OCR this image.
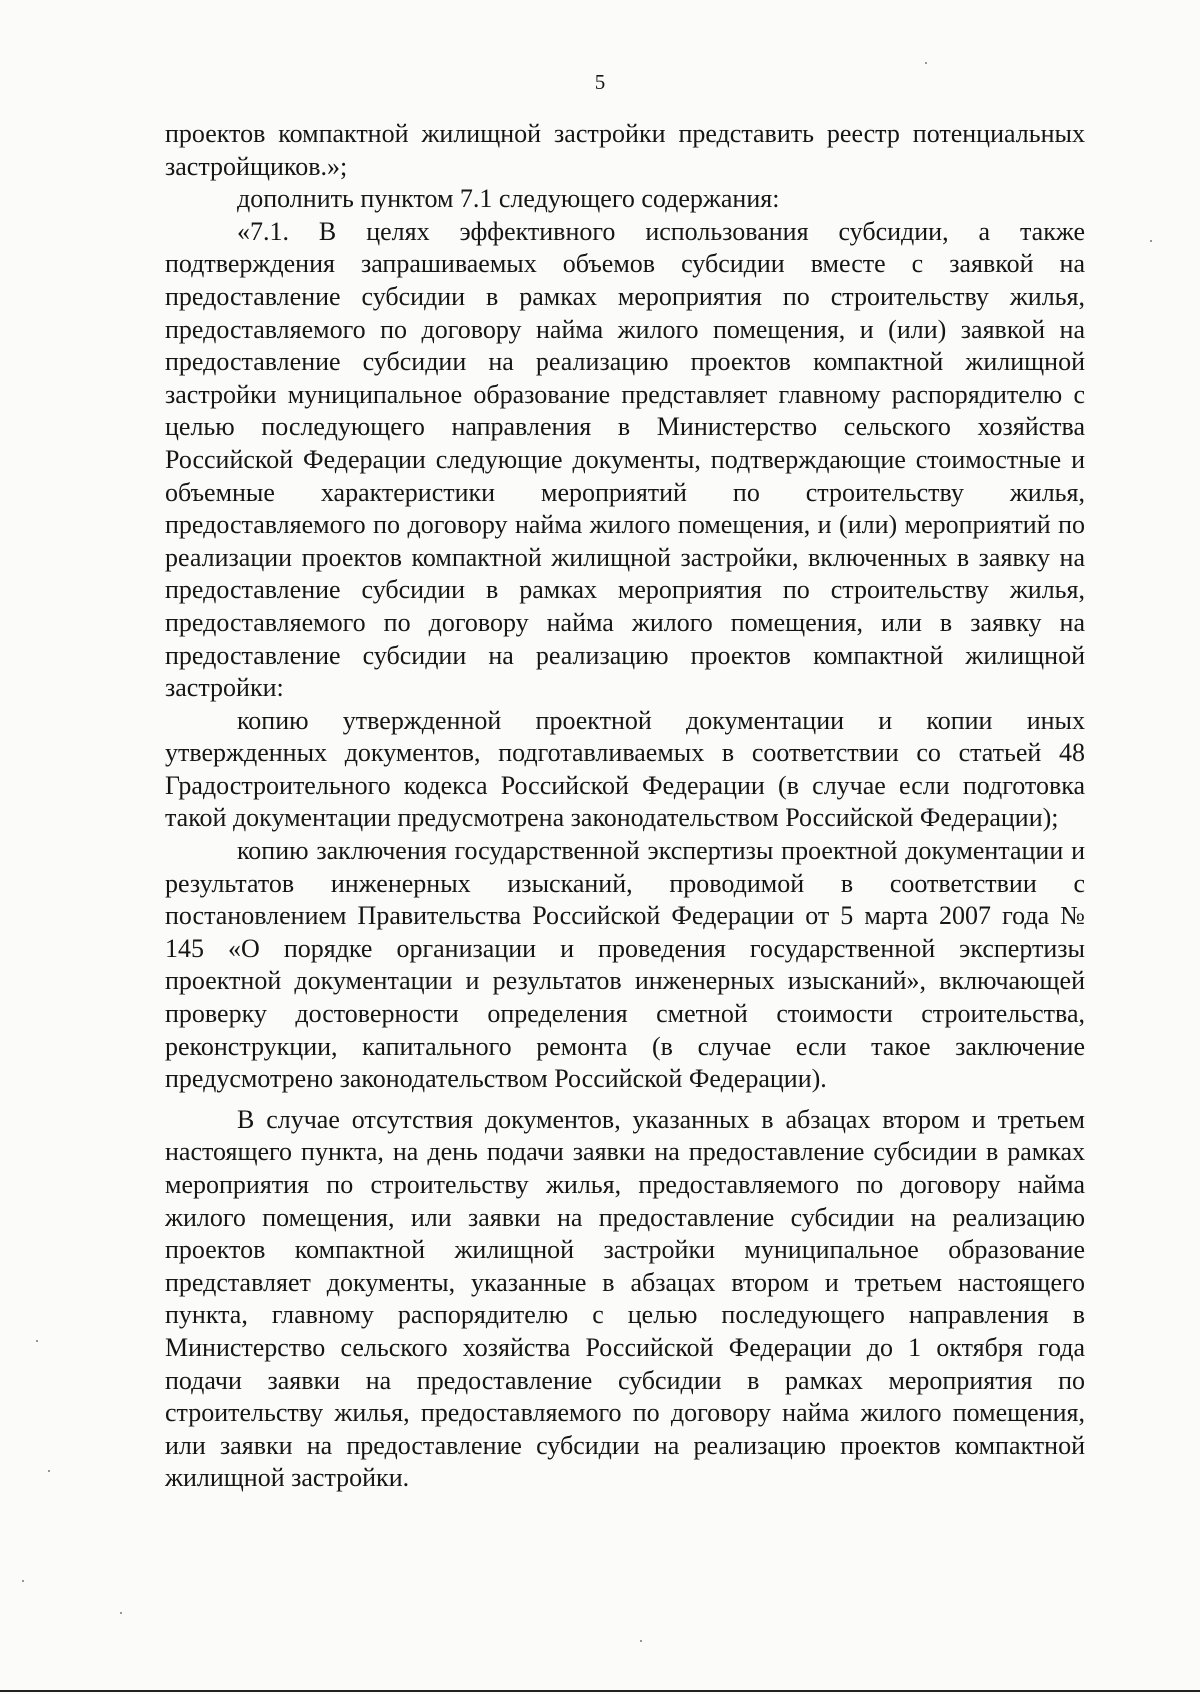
5

проектов компактной жилищной застройки представить реестр потенциальных застройщиков.»;

дополнить пунктом 7.1 следующего содержания:

«7.1. В целях эффективного использования субсидии, а также подтверждения запрашиваемых объемов субсидии вместе с заявкой на предоставление субсидии в рамках мероприятия по строительству жилья, предоставляемого по договору найма жилого помещения, и (или) заявкой на предоставление субсидии на реализацию проектов компактной жилищной застройки муниципальное образование представляет главному распорядителю с целью последующего направления в Министерство сельского хозяйства Российской Федерации следующие документы, подтверждающие стоимостные и объемные характеристики мероприятий по строительству жилья, предоставляемого по договору найма жилого помещения, и (или) мероприятий по реализации проектов компактной жилищной застройки, включенных в заявку на предоставление субсидии в рамках мероприятия по строительству жилья, предоставляемого по договору найма жилого помещения, или в заявку на предоставление субсидии на реализацию проектов компактной жилищной застройки:

копию утвержденной проектной документации и копии иных утвержденных документов, подготавливаемых в соответствии со статьей 48 Градостроительного кодекса Российской Федерации (в случае если подготовка такой документации предусмотрена законодательством Российской Федерации);

копию заключения государственной экспертизы проектной документации и результатов инженерных изысканий, проводимой в соответствии с постановлением Правительства Российской Федерации от 5 марта 2007 года № 145 «О порядке организации и проведения государственной экспертизы проектной документации и результатов инженерных изысканий», включающей проверку достоверности определения сметной стоимости строительства, реконструкции, капитального ремонта (в случае если такое заключение предусмотрено законодательством Российской Федерации).

В случае отсутствия документов, указанных в абзацах втором и третьем настоящего пункта, на день подачи заявки на предоставление субсидии в рамках мероприятия по строительству жилья, предоставляемого по договору найма жилого помещения, или заявки на предоставление субсидии на реализацию проектов компактной жилищной застройки муниципальное образование представляет документы, указанные в абзацах втором и третьем настоящего пункта, главному распорядителю с целью последующего направления в Министерство сельского хозяйства Российской Федерации до 1 октября года подачи заявки на предоставление субсидии в рамках мероприятия по строительству жилья, предоставляемого по договору найма жилого помещения, или заявки на предоставление субсидии на реализацию проектов компактной жилищной застройки.
